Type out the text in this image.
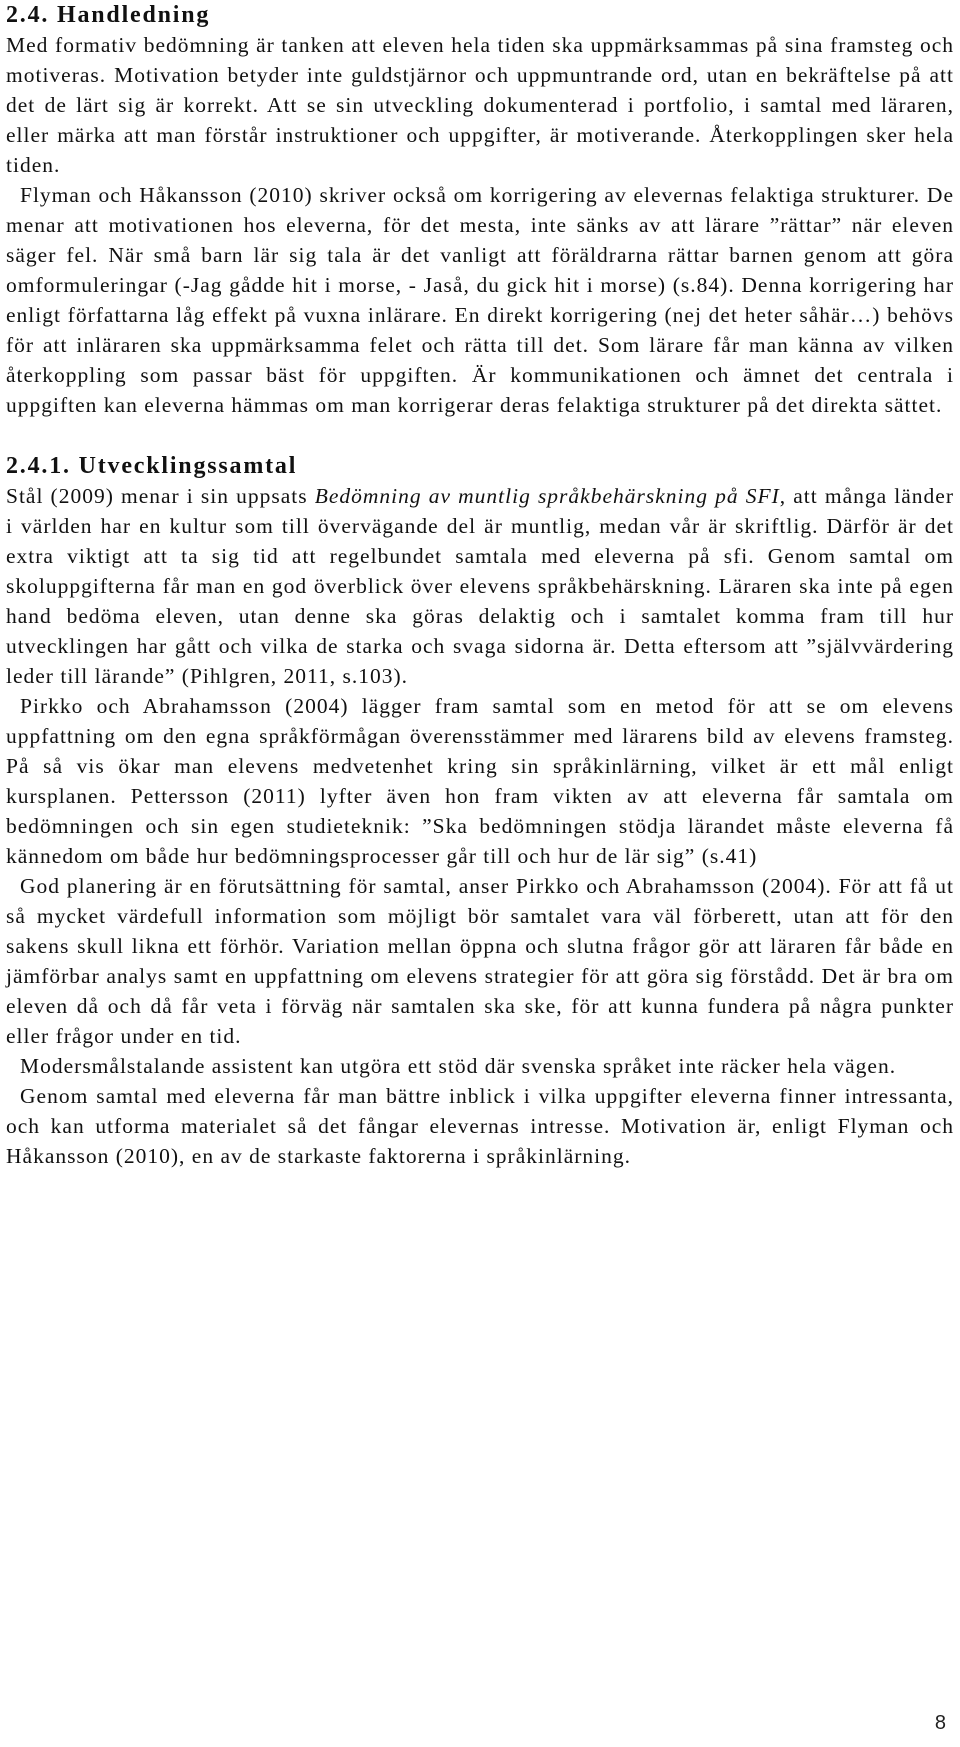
2.4. Handledning

Med formativ bedömning är tanken att eleven hela tiden ska uppmärksammas på sina framsteg och motiveras. Motivation betyder inte guldstjärnor och uppmuntrande ord, utan en bekräftelse på att det de lärt sig är korrekt. Att se sin utveckling dokumenterad i portfolio, i samtal med läraren, eller märka att man förstår instruktioner och uppgifter, är motiverande. Återkopplingen sker hela tiden.

Flyman och Håkansson (2010) skriver också om korrigering av elevernas felaktiga strukturer. De menar att motivationen hos eleverna, för det mesta, inte sänks av att lärare ”rättar” när eleven säger fel. När små barn lär sig tala är det vanligt att föräldrarna rättar barnen genom att göra omformuleringar (-Jag gådde hit i morse, - Jaså, du gick hit i morse) (s.84). Denna korrigering har enligt författarna låg effekt på vuxna inlärare. En direkt korrigering (nej det heter såhär…) behövs för att inläraren ska uppmärksamma felet och rätta till det. Som lärare får man känna av vilken återkoppling som passar bäst för uppgiften. Är kommunikationen och ämnet det centrala i uppgiften kan eleverna hämmas om man korrigerar deras felaktiga strukturer på det direkta sättet.

2.4.1. Utvecklingssamtal

Stål (2009) menar i sin uppsats Bedömning av muntlig språkbehärskning på SFI, att många länder i världen har en kultur som till övervägande del är muntlig, medan vår är skriftlig. Därför är det extra viktigt att ta sig tid att regelbundet samtala med eleverna på sfi. Genom samtal om skoluppgifterna får man en god överblick över elevens språkbehärskning. Läraren ska inte på egen hand bedöma eleven, utan denne ska göras delaktig och i samtalet komma fram till hur utvecklingen har gått och vilka de starka och svaga sidorna är. Detta eftersom att ”självvärdering leder till lärande” (Pihlgren, 2011, s.103).

Pirkko och Abrahamsson (2004) lägger fram samtal som en metod för att se om elevens uppfattning om den egna språkförmågan överensstämmer med lärarens bild av elevens framsteg. På så vis ökar man elevens medvetenhet kring sin språkinlärning, vilket är ett mål enligt kursplanen. Pettersson (2011) lyfter även hon fram vikten av att eleverna får samtala om bedömningen och sin egen studieteknik: ”Ska bedömningen stödja lärandet måste eleverna få kännedom om både hur bedömningsprocesser går till och hur de lär sig” (s.41)

God planering är en förutsättning för samtal, anser Pirkko och Abrahamsson (2004). För att få ut så mycket värdefull information som möjligt bör samtalet vara väl förberett, utan att för den sakens skull likna ett förhör. Variation mellan öppna och slutna frågor gör att läraren får både en jämförbar analys samt en uppfattning om elevens strategier för att göra sig förstådd. Det är bra om eleven då och då får veta i förväg när samtalen ska ske, för att kunna fundera på några punkter eller frågor under en tid.

Modersmålstalande assistent kan utgöra ett stöd där svenska språket inte räcker hela vägen.

Genom samtal med eleverna får man bättre inblick i vilka uppgifter eleverna finner intressanta, och kan utforma materialet så det fångar elevernas intresse. Motivation är, enligt Flyman och Håkansson (2010), en av de starkaste faktorerna i språkinlärning.

8
